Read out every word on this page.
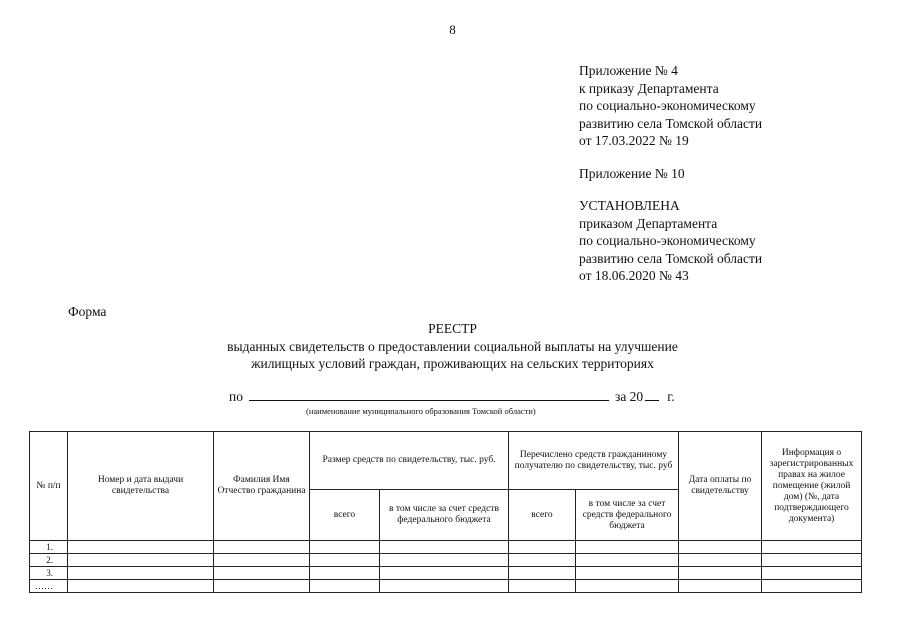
8
Приложение № 4
к приказу Департамента
по социально-экономическому
развитию села Томской области
от 17.03.2022 № 19
Приложение № 10
УСТАНОВЛЕНА
приказом Департамента
по социально-экономическому
развитию села Томской области
от 18.06.2020 № 43
Форма
РЕЕСТР
выданных свидетельств о предоставлении социальной выплаты на улучшение
жилищных условий граждан, проживающих на сельских территориях
по	за 20 г.
(наименование муниципального образования Томской области)
№ п/п	Номер и дата выдачи свидетельства	Фамилия Имя Отчество гражданина	Размер средств по свидетельству, тыс. руб.		Перечислено средств гражданиному получателю по свидетельству, тыс. руб		Дата оплаты по свидетельству	Информация о зарегистрированных правах на жилое помещение (жилой дом) (№, дата подтверждающего документа)
			всего	в том числе за счет средств федерального бюджета	всего	в том числе за счет средств федерального бюджета		
1.								
2.								
3.								
……								
